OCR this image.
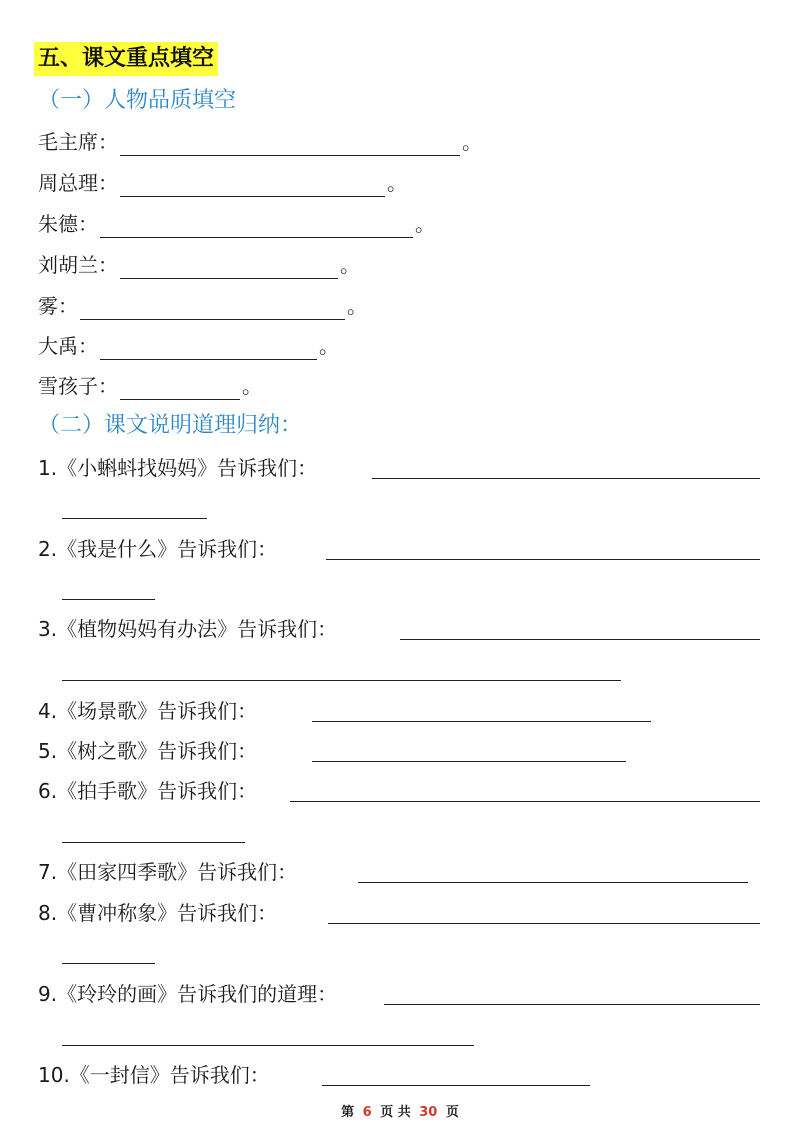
五、课文重点填空
（一）人物品质填空
毛主席：	。
周总理：	。
朱德：	。
刘胡兰：	。
雾：	。
大禹：	。
雪孩子：	。
（二）课文说明道理归纳：
1.《小蝌蚪找妈妈》告诉我们：
2.《我是什么》告诉我们：
3.《植物妈妈有办法》告诉我们：
4.《场景歌》告诉我们：
5.《树之歌》告诉我们：
6.《拍手歌》告诉我们：
7.《田家四季歌》告诉我们：
8.《曹冲称象》告诉我们：
9.《玲玲的画》告诉我们的道理：
10.《一封信》告诉我们：
第 6 页 共 30 页
